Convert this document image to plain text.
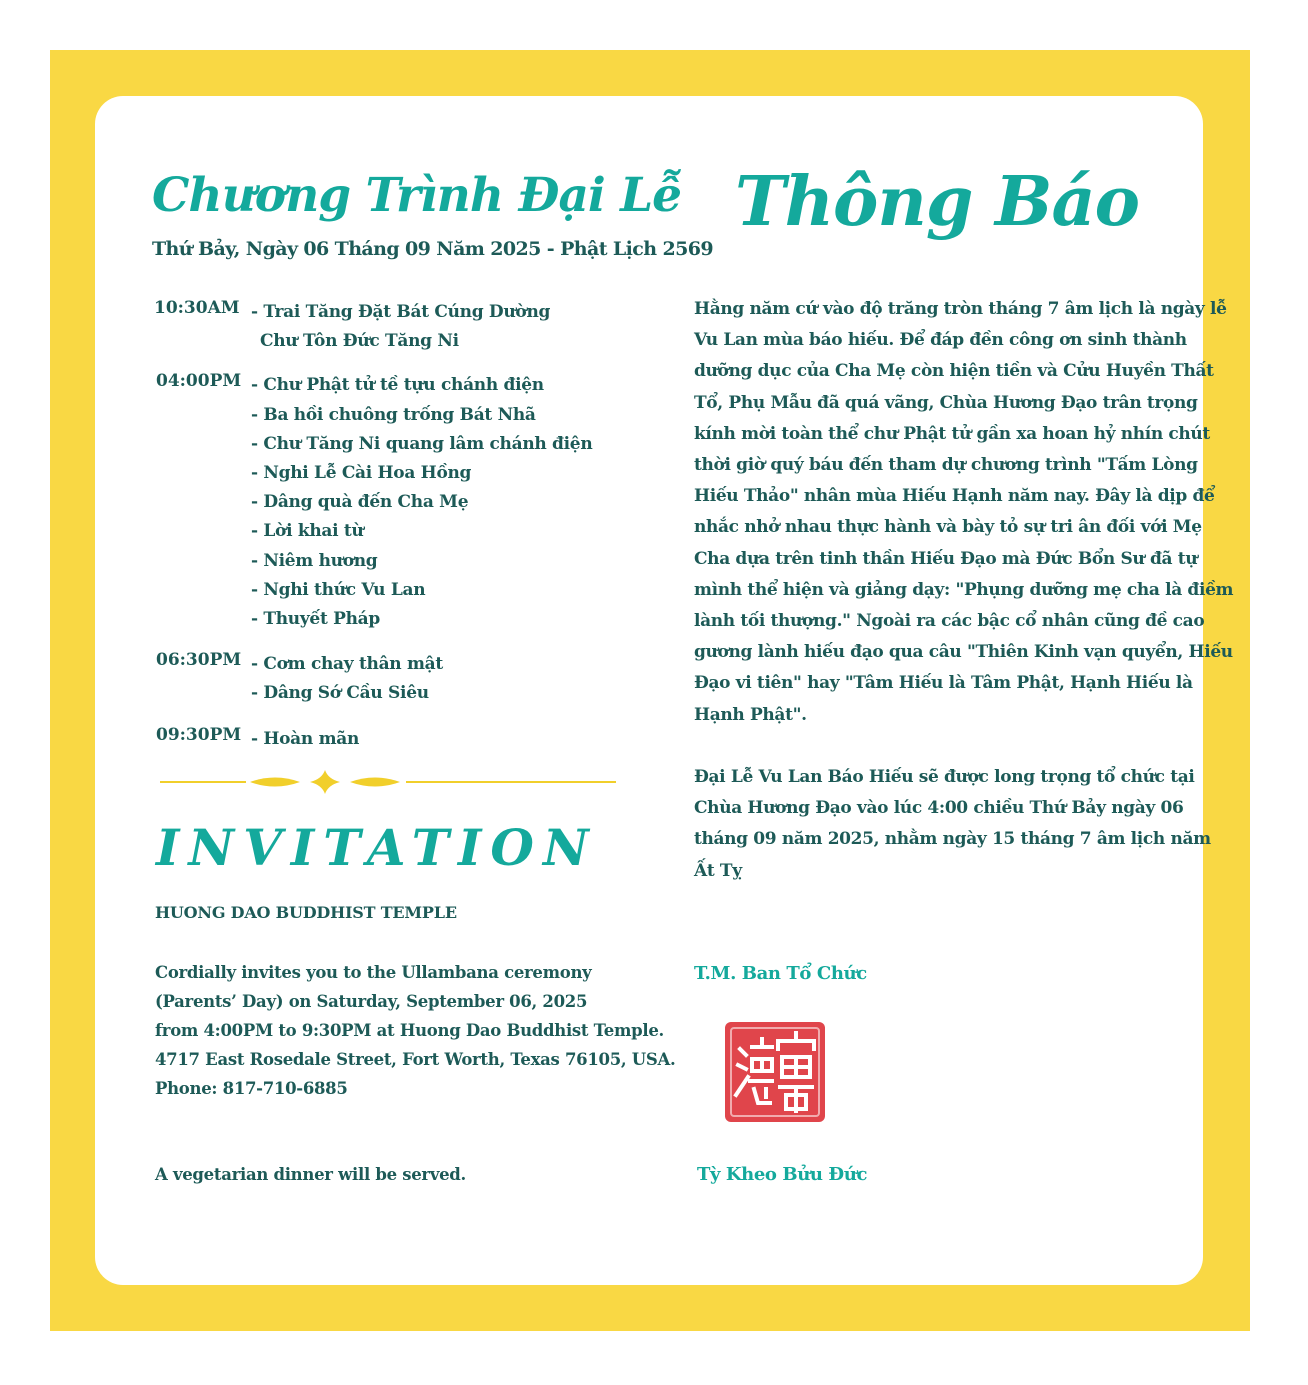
Chương Trình Đại Lễ
Thứ Bảy, Ngày 06 Tháng 09 Năm 2025 - Phật Lịch 2569
10:30AM - Trai Tăng Đặt Bát Cúng Dường
Chư Tôn Đức Tăng Ni
04:00PM - Chư Phật tử tề tựu chánh điện
- Ba hồi chuông trống Bát Nhã
- Chư Tăng Ni quang lâm chánh điện
- Nghi Lễ Cài Hoa Hồng
- Dâng quà đến Cha Mẹ
- Lời khai từ
- Niêm hương
- Nghi thức Vu Lan
- Thuyết Pháp
06:30PM - Cơm chay thân mật
- Dâng Sớ Cầu Siêu
09:30PM - Hoàn mãn
INVITATION
HUONG DAO BUDDHIST TEMPLE
Cordially invites you to the Ullambana ceremony
(Parents’ Day) on Saturday, September 06, 2025
from 4:00PM to 9:30PM at Huong Dao Buddhist Temple.
4717 East Rosedale Street, Fort Worth, Texas 76105, USA.
Phone: 817-710-6885
A vegetarian dinner will be served.
Thông Báo
Hằng năm cứ vào độ trăng tròn tháng 7 âm lịch là ngày lễ
Vu Lan mùa báo hiếu. Để đáp đền công ơn sinh thành
dưỡng dục của Cha Mẹ còn hiện tiền và Cửu Huyền Thất
Tổ, Phụ Mẫu đã quá vãng, Chùa Hương Đạo trân trọng
kính mời toàn thể chư Phật tử gần xa hoan hỷ nhín chút
thời giờ quý báu đến tham dự chương trình "Tấm Lòng
Hiếu Thảo" nhân mùa Hiếu Hạnh năm nay. Đây là dịp để
nhắc nhở nhau thực hành và bày tỏ sự tri ân đối với Mẹ
Cha dựa trên tinh thần Hiếu Đạo mà Đức Bổn Sư đã tự
mình thể hiện và giảng dạy: "Phụng dưỡng mẹ cha là điềm
lành tối thượng." Ngoài ra các bậc cổ nhân cũng đề cao
gương lành hiếu đạo qua câu "Thiên Kinh vạn quyển, Hiếu
Đạo vi tiên" hay "Tâm Hiếu là Tâm Phật, Hạnh Hiếu là
Hạnh Phật".
Đại Lễ Vu Lan Báo Hiếu sẽ được long trọng tổ chức tại
Chùa Hương Đạo vào lúc 4:00 chiều Thứ Bảy ngày 06
tháng 09 năm 2025, nhằm ngày 15 tháng 7 âm lịch năm
Ất Tỵ
T.M. Ban Tổ Chức
Tỳ Kheo Bửu Đức
